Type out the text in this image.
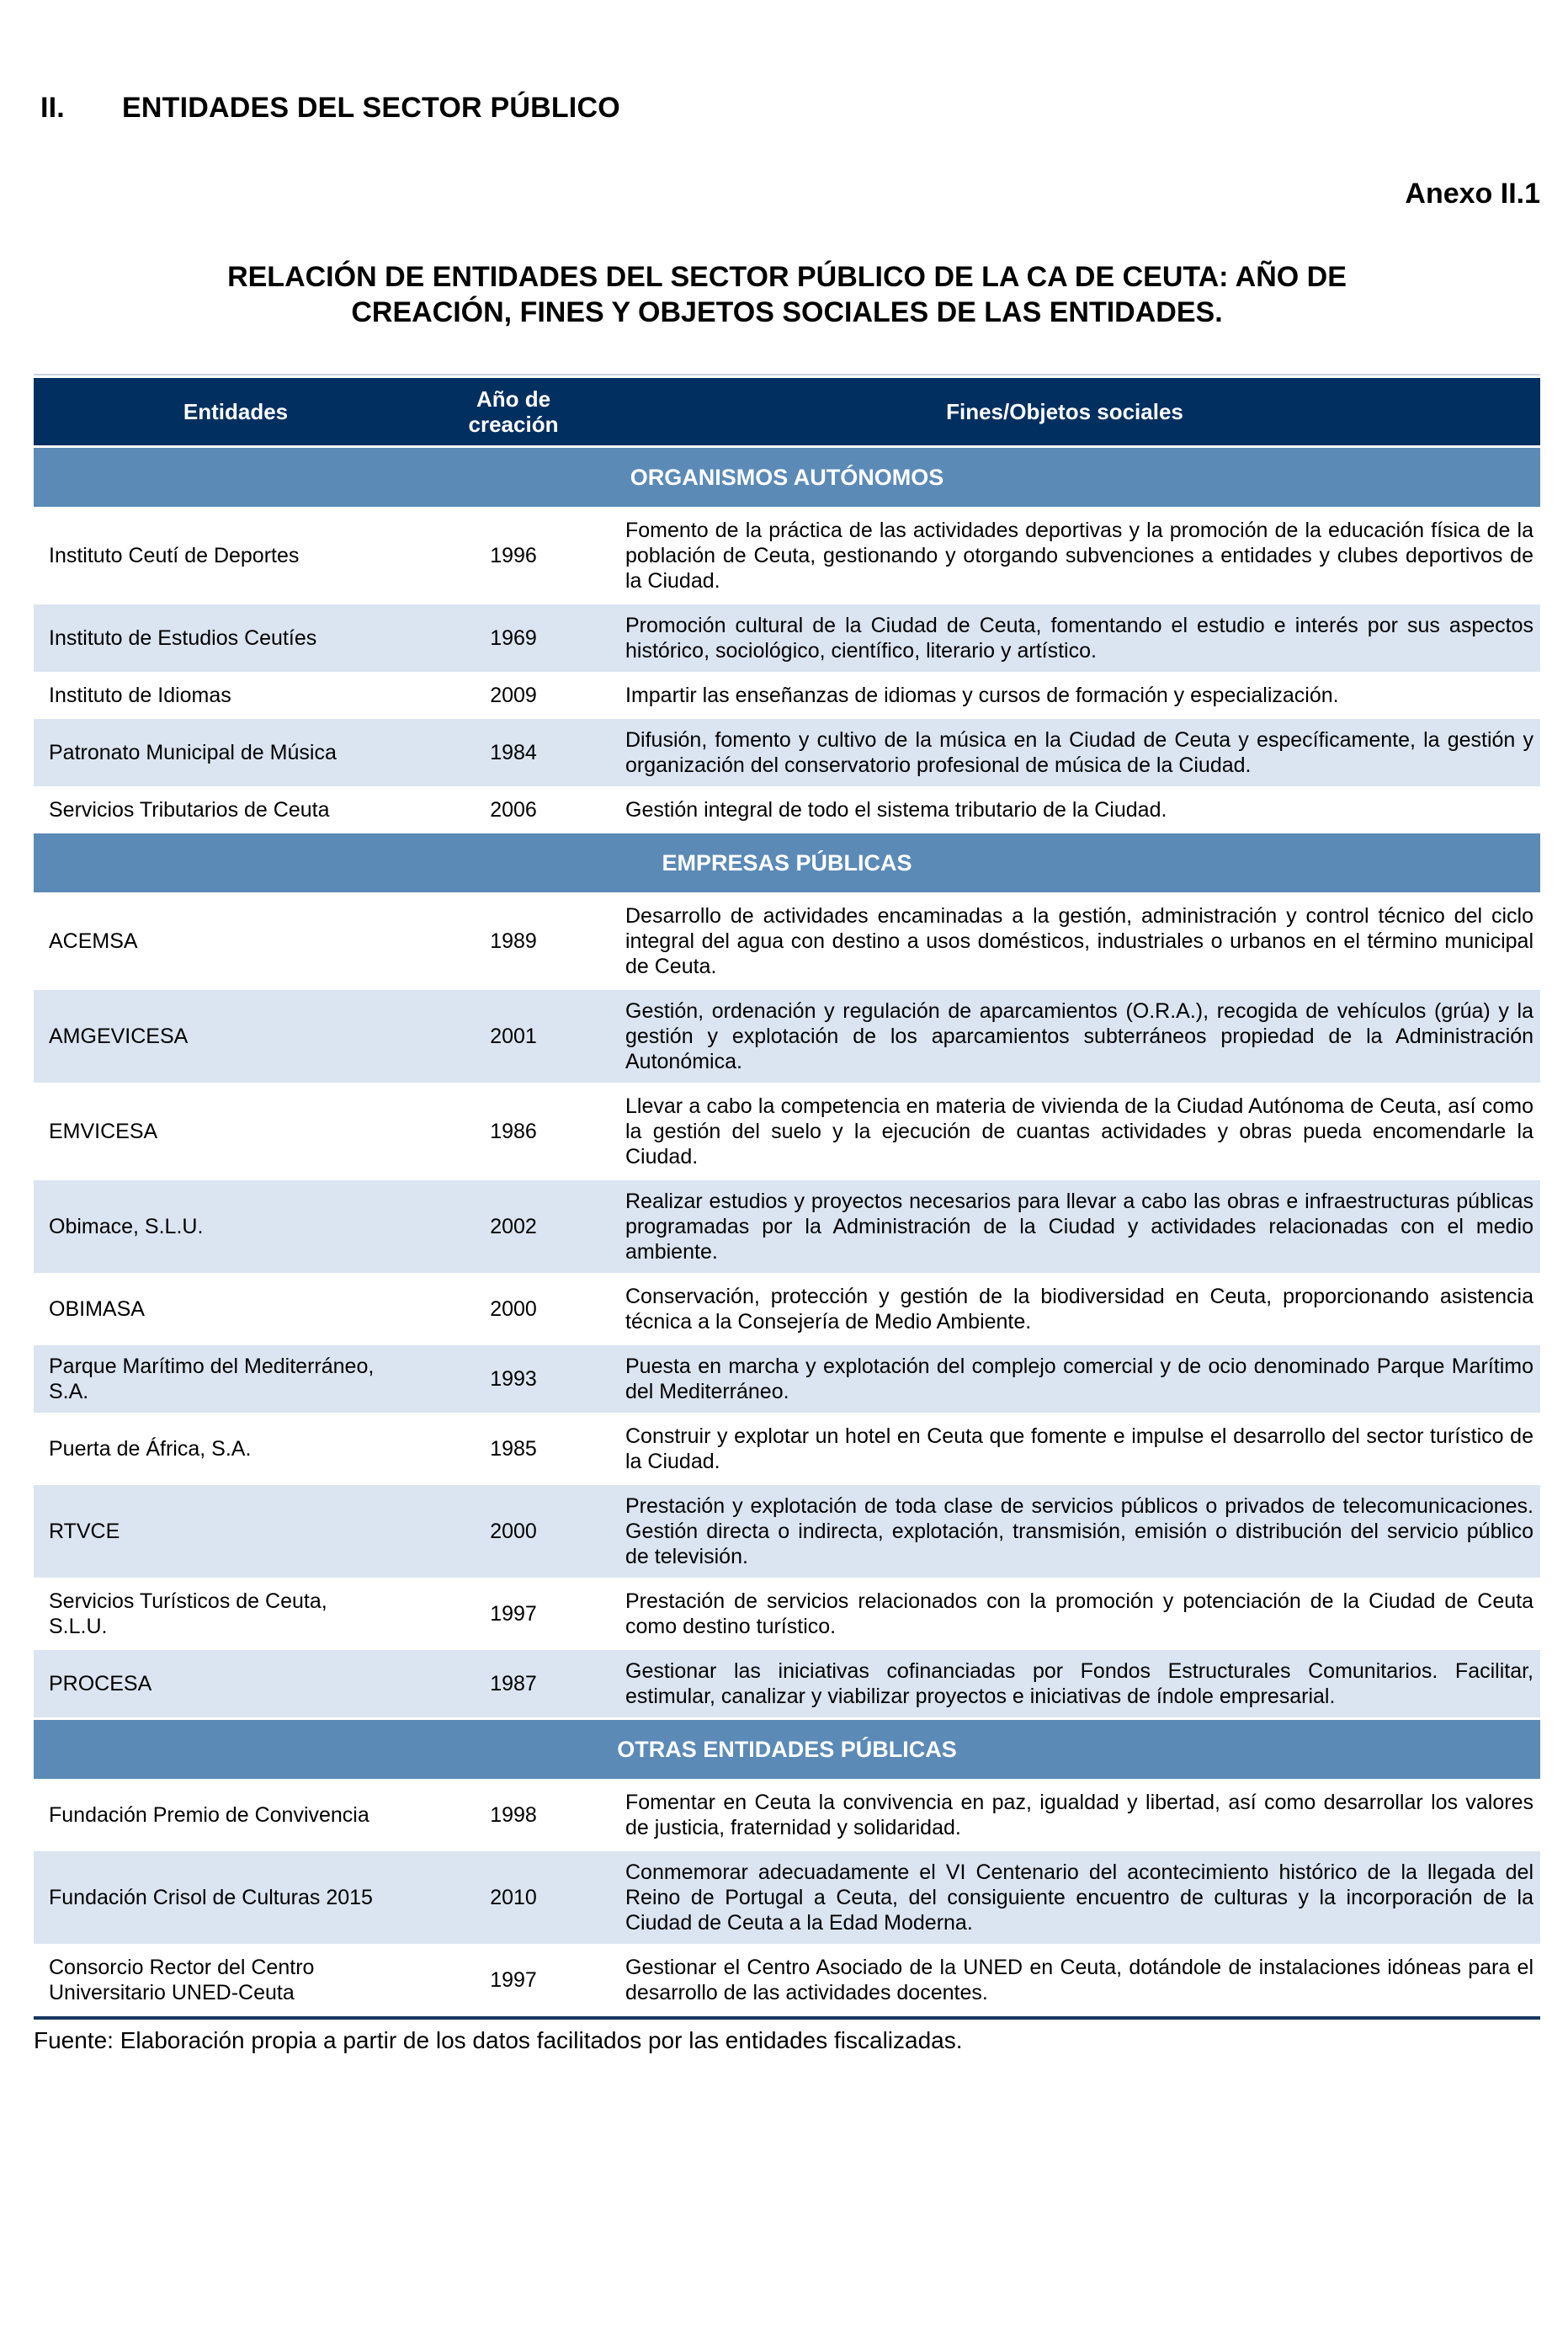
II.	ENTIDADES DEL SECTOR PÚBLICO
Anexo II.1
RELACIÓN DE ENTIDADES DEL SECTOR PÚBLICO DE LA CA DE CEUTA: AÑO DE
CREACIÓN, FINES Y OBJETOS SOCIALES DE LAS ENTIDADES.
Entidades	Año de creación	Fines/Objetos sociales
ORGANISMOS AUTÓNOMOS		
Instituto Ceutí de Deportes	1996	Fomento de la práctica de las actividades deportivas y la promoción de la educación física de la población de Ceuta, gestionando y otorgando subvenciones a entidades y clubes deportivos de la Ciudad.
Instituto de Estudios Ceutíes	1969	Promoción cultural de la Ciudad de Ceuta, fomentando el estudio e interés por sus aspectos histórico, sociológico, científico, literario y artístico.
Instituto de Idiomas	2009	Impartir las enseñanzas de idiomas y cursos de formación y especialización.
Patronato Municipal de Música	1984	Difusión, fomento y cultivo de la música en la Ciudad de Ceuta y específicamente, la gestión y organización del conservatorio profesional de música de la Ciudad.
Servicios Tributarios de Ceuta	2006	Gestión integral de todo el sistema tributario de la Ciudad.
EMPRESAS PÚBLICAS		
ACEMSA	1989	Desarrollo de actividades encaminadas a la gestión, administración y control técnico del ciclo integral del agua con destino a usos domésticos, industriales o urbanos en el término municipal de Ceuta.
AMGEVICESA	2001	Gestión, ordenación y regulación de aparcamientos (O.R.A.), recogida de vehículos (grúa) y la gestión y explotación de los aparcamientos subterráneos propiedad de la Administración Autonómica.
EMVICESA	1986	Llevar a cabo la competencia en materia de vivienda de la Ciudad Autónoma de Ceuta, así como la gestión del suelo y la ejecución de cuantas actividades y obras pueda encomendarle la Ciudad.
Obimace, S.L.U.	2002	Realizar estudios y proyectos necesarios para llevar a cabo las obras e infraestructuras públicas programadas por la Administración de la Ciudad y actividades relacionadas con el medio ambiente.
OBIMASA	2000	Conservación, protección y gestión de la biodiversidad en Ceuta, proporcionando asistencia técnica a la Consejería de Medio Ambiente.
Parque Marítimo del Mediterráneo, S.A.	1993	Puesta en marcha y explotación del complejo comercial y de ocio denominado Parque Marítimo del Mediterráneo.
Puerta de África, S.A.	1985	Construir y explotar un hotel en Ceuta que fomente e impulse el desarrollo del sector turístico de la Ciudad.
RTVCE	2000	Prestación y explotación de toda clase de servicios públicos o privados de telecomunicaciones. Gestión directa o indirecta, explotación, transmisión, emisión o distribución del servicio público de televisión.
Servicios Turísticos de Ceuta, S.L.U.	1997	Prestación de servicios relacionados con la promoción y potenciación de la Ciudad de Ceuta como destino turístico.
PROCESA	1987	Gestionar las iniciativas cofinanciadas por Fondos Estructurales Comunitarios. Facilitar, estimular, canalizar y viabilizar proyectos e iniciativas de índole empresarial.
OTRAS ENTIDADES PÚBLICAS		
Fundación Premio de Convivencia	1998	Fomentar en Ceuta la convivencia en paz, igualdad y libertad, así como desarrollar los valores de justicia, fraternidad y solidaridad.
Fundación Crisol de Culturas 2015	2010	Conmemorar adecuadamente el VI Centenario del acontecimiento histórico de la llegada del Reino de Portugal a Ceuta, del consiguiente encuentro de culturas y la incorporación de la Ciudad de Ceuta a la Edad Moderna.
Consorcio Rector del Centro Universitario UNED-Ceuta	1997	Gestionar el Centro Asociado de la UNED en Ceuta, dotándole de instalaciones idóneas para el desarrollo de las actividades docentes.
Fuente: Elaboración propia a partir de los datos facilitados por las entidades fiscalizadas.
